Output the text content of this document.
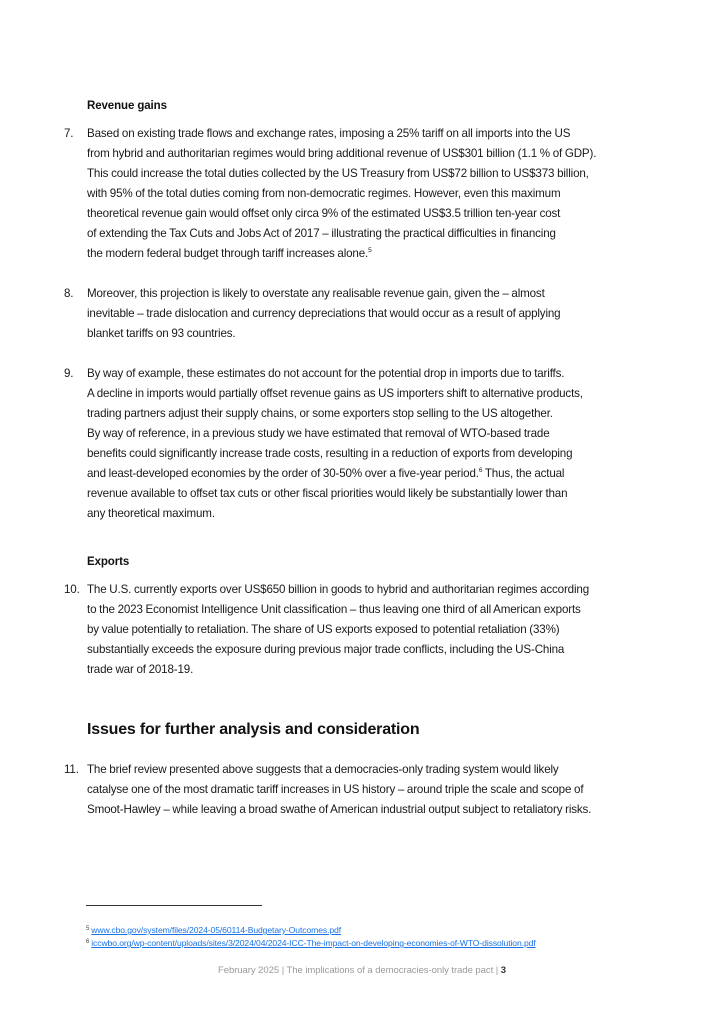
Revenue gains
7.	Based on existing trade flows and exchange rates, imposing a 25% tariff on all imports into the US
from hybrid and authoritarian regimes would bring additional revenue of US$301 billion (1.1 % of GDP).
This could increase the total duties collected by the US Treasury from US$72 billion to US$373 billion,
with 95% of the total duties coming from non-democratic regimes. However, even this maximum
theoretical revenue gain would offset only circa 9% of the estimated US$3.5 trillion ten-year cost
of extending the Tax Cuts and Jobs Act of 2017 – illustrating the practical difficulties in financing
the modern federal budget through tariff increases alone.$^5$
8.	Moreover, this projection is likely to overstate any realisable revenue gain, given the – almost
inevitable – trade dislocation and currency depreciations that would occur as a result of applying
blanket tariffs on 93 countries.
9.	By way of example, these estimates do not account for the potential drop in imports due to tariffs.
A decline in imports would partially offset revenue gains as US importers shift to alternative products,
trading partners adjust their supply chains, or some exporters stop selling to the US altogether.
By way of reference, in a previous study we have estimated that removal of WTO-based trade
benefits could significantly increase trade costs, resulting in a reduction of exports from developing
and least-developed economies by the order of 30-50% over a five-year period.$^6$ Thus, the actual
revenue available to offset tax cuts or other fiscal priorities would likely be substantially lower than
any theoretical maximum.
Exports
10. The U.S. currently exports over US$650 billion in goods to hybrid and authoritarian regimes according
to the 2023 Economist Intelligence Unit classification – thus leaving one third of all American exports
by value potentially to retaliation. The share of US exports exposed to potential retaliation (33%)
substantially exceeds the exposure during previous major trade conflicts, including the US-China
trade war of 2018-19.
Issues for further analysis and consideration
11. The brief review presented above suggests that a democracies-only trading system would likely
catalyse one of the most dramatic tariff increases in US history – around triple the scale and scope of
Smoot-Hawley – while leaving a broad swathe of American industrial output subject to retaliatory risks.
$^5$ www.cbo.gov/system/files/2024-05/60114-Budgetary-Outcomes.pdf
$^6$ iccwbo.org/wp-content/uploads/sites/3/2024/04/2024-ICC-The-impact-on-developing-economies-of-WTO-dissolution.pdf
February 2025 | The implications of a democracies-only trade pact | 3
